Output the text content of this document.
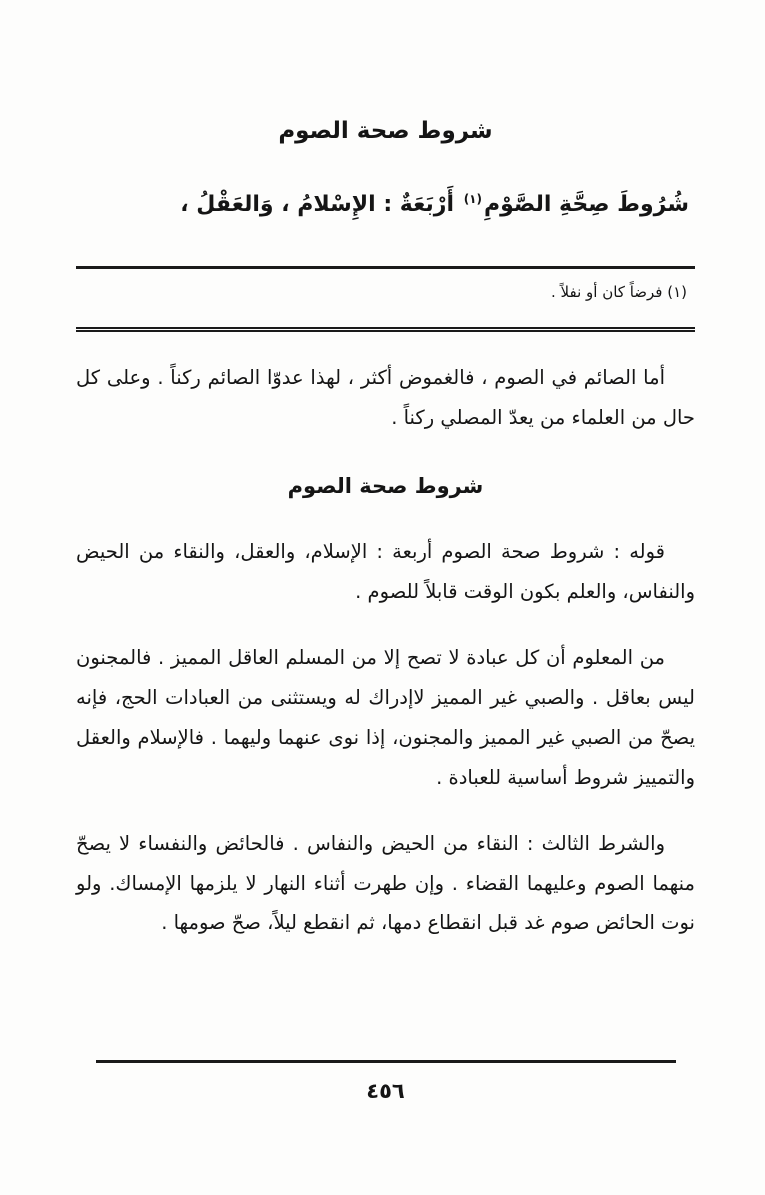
شروط صحة الصوم

شُرُوطَ صِحَّةِ الصَّوْمِ$^{(١)}$ أَرْبَعَةٌ : الإِسْلامُ ، وَالعَقْلُ ،

(١) فرضاً كان أو نفلاً .

أما الصائم في الصوم ، فالغموض أكثر ، لهذا عدوّا الصائم ركناً . وعلى كل حال من العلماء من يعدّ المصلي ركناً .

شروط صحة الصوم

قوله : شروط صحة الصوم أربعة : الإسلام، والعقل، والنقاء من الحيض والنفاس، والعلم بكون الوقت قابلاً للصوم .

من المعلوم أن كل عبادة لا تصح إلا من المسلم العاقل المميز . فالمجنون ليس بعاقل . والصبي غير المميز لاإدراك له ويستثنى من العبادات الحج، فإنه يصحّ من الصبي غير المميز والمجنون، إذا نوى عنهما وليهما . فالإسلام والعقل والتمييز شروط أساسية للعبادة .

والشرط الثالث : النقاء من الحيض والنفاس . فالحائض والنفساء لا يصحّ منهما الصوم وعليهما القضاء . وإن طهرت أثناء النهار لا يلزمها الإمساك. ولو نوت الحائض صوم غد قبل انقطاع دمها، ثم انقطع ليلاً، صحّ صومها .

٤٥٦
